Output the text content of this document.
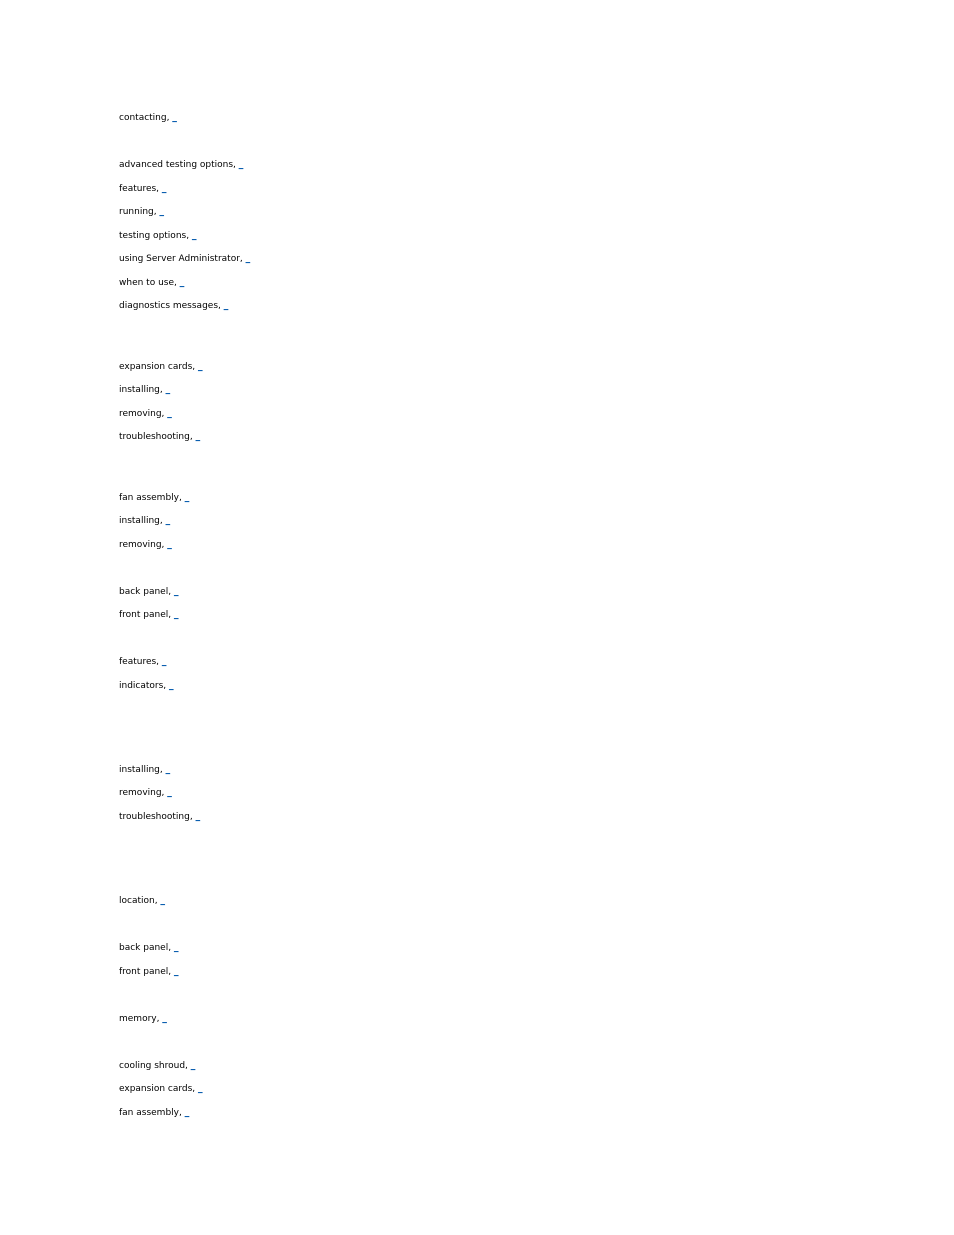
contacting, _
advanced testing options, _
features, _
running, _
testing options, _
using Server Administrator, _
when to use, _
diagnostics messages, _
expansion cards, _
installing, _
removing, _
troubleshooting, _
fan assembly, _
installing, _
removing, _
back panel, _
front panel, _
features, _
indicators, _
installing, _
removing, _
troubleshooting, _
location, _
back panel, _
front panel, _
memory, _
cooling shroud, _
expansion cards, _
fan assembly, _
